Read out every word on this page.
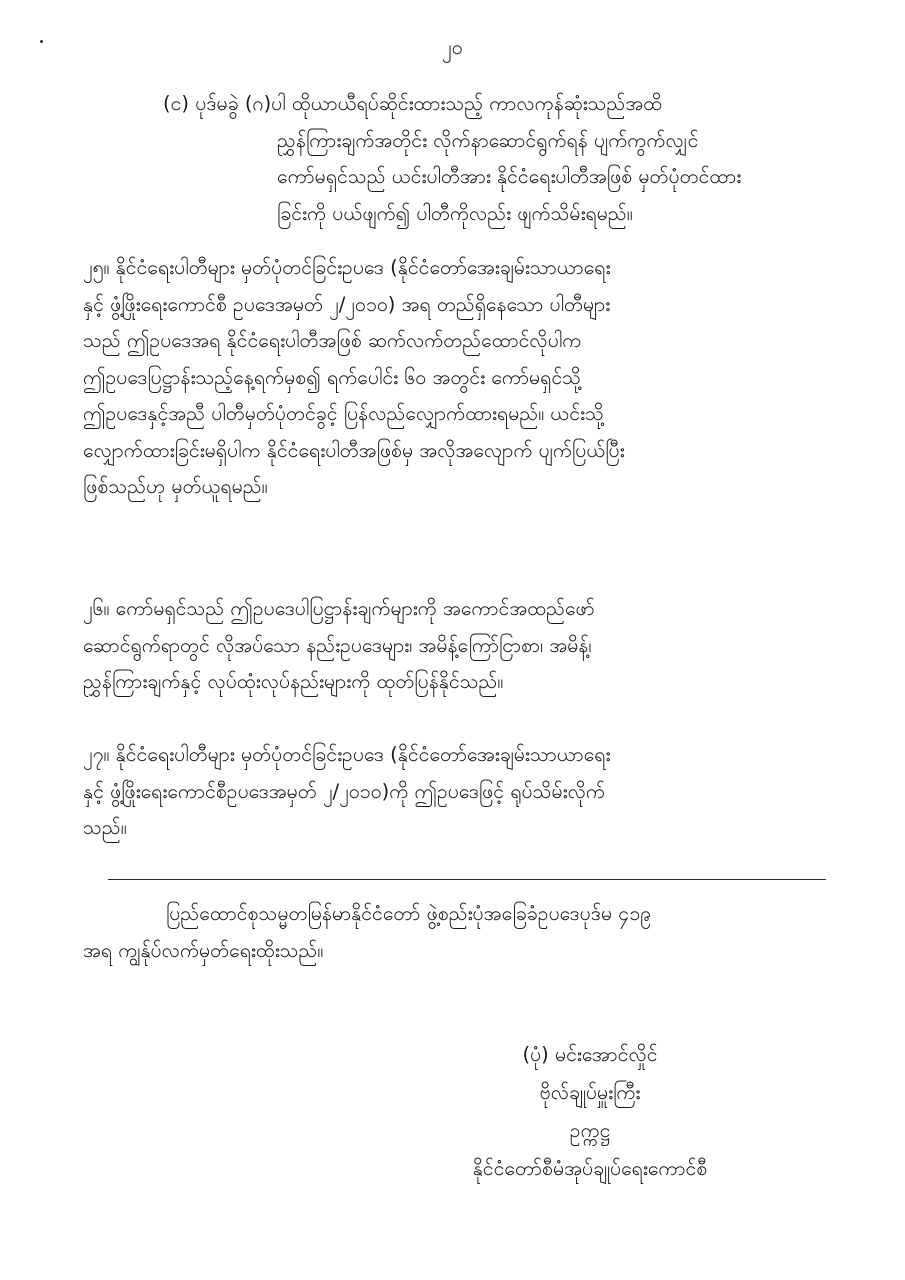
၂၀
(င) ပုဒ်မခွဲ (ဂ)ပါ ထိုယာယီရပ်ဆိုင်းထားသည့် ကာလကုန်ဆုံးသည်အထိ
ညွှန်ကြားချက်အတိုင်း လိုက်နာဆောင်ရွက်ရန် ပျက်ကွက်လျှင်
ကော်မရှင်သည် ယင်းပါတီအား နိုင်ငံရေးပါတီအဖြစ် မှတ်ပုံတင်ထား
ခြင်းကို ပယ်ဖျက်၍ ပါတီကိုလည်း ဖျက်သိမ်းရမည်။
၂၅။ နိုင်ငံရေးပါတီများ မှတ်ပုံတင်ခြင်းဥပဒေ (နိုင်ငံတော်အေးချမ်းသာယာရေး
နှင့် ဖွံ့ဖြိုးရေးကောင်စီ ဥပဒေအမှတ် ၂/၂၀၁၀) အရ တည်ရှိနေသော ပါတီများ
သည် ဤဥပဒေအရ နိုင်ငံရေးပါတီအဖြစ် ဆက်လက်တည်ထောင်လိုပါက
ဤဥပဒေပြဋ္ဌာန်းသည့်နေ့ရက်မှစ၍ ရက်ပေါင်း ၆၀ အတွင်း ကော်မရှင်သို့
ဤဥပဒေနှင့်အညီ ပါတီမှတ်ပုံတင်ခွင့် ပြန်လည်လျှောက်ထားရမည်။ ယင်းသို့
လျှောက်ထားခြင်းမရှိပါက နိုင်ငံရေးပါတီအဖြစ်မှ အလိုအလျောက် ပျက်ပြယ်ပြီး
ဖြစ်သည်ဟု မှတ်ယူရမည်။
၂၆။ ကော်မရှင်သည် ဤဥပဒေပါပြဋ္ဌာန်းချက်များကို အကောင်အထည်ဖော်
ဆောင်ရွက်ရာတွင် လိုအပ်သော နည်းဥပဒေများ၊ အမိန့်ကြော်ငြာစာ၊ အမိန့်၊
ညွှန်ကြားချက်နှင့် လုပ်ထုံးလုပ်နည်းများကို ထုတ်ပြန်နိုင်သည်။
၂၇။ နိုင်ငံရေးပါတီများ မှတ်ပုံတင်ခြင်းဥပဒေ (နိုင်ငံတော်အေးချမ်းသာယာရေး
နှင့် ဖွံ့ဖြိုးရေးကောင်စီဥပဒေအမှတ် ၂/၂၀၁၀)ကို ဤဥပဒေဖြင့် ရုပ်သိမ်းလိုက်
သည်။
ပြည်ထောင်စုသမ္မတမြန်မာနိုင်ငံတော် ဖွဲ့စည်းပုံအခြေခံဥပဒေပုဒ်မ ၄၁၉
အရ ကျွန်ုပ်လက်မှတ်ရေးထိုးသည်။
(ပုံ) မင်းအောင်လှိုင်
ဗိုလ်ချုပ်မှူးကြီး
ဥက္ကဋ္ဌ
နိုင်ငံတော်စီမံအုပ်ချုပ်ရေးကောင်စီ
